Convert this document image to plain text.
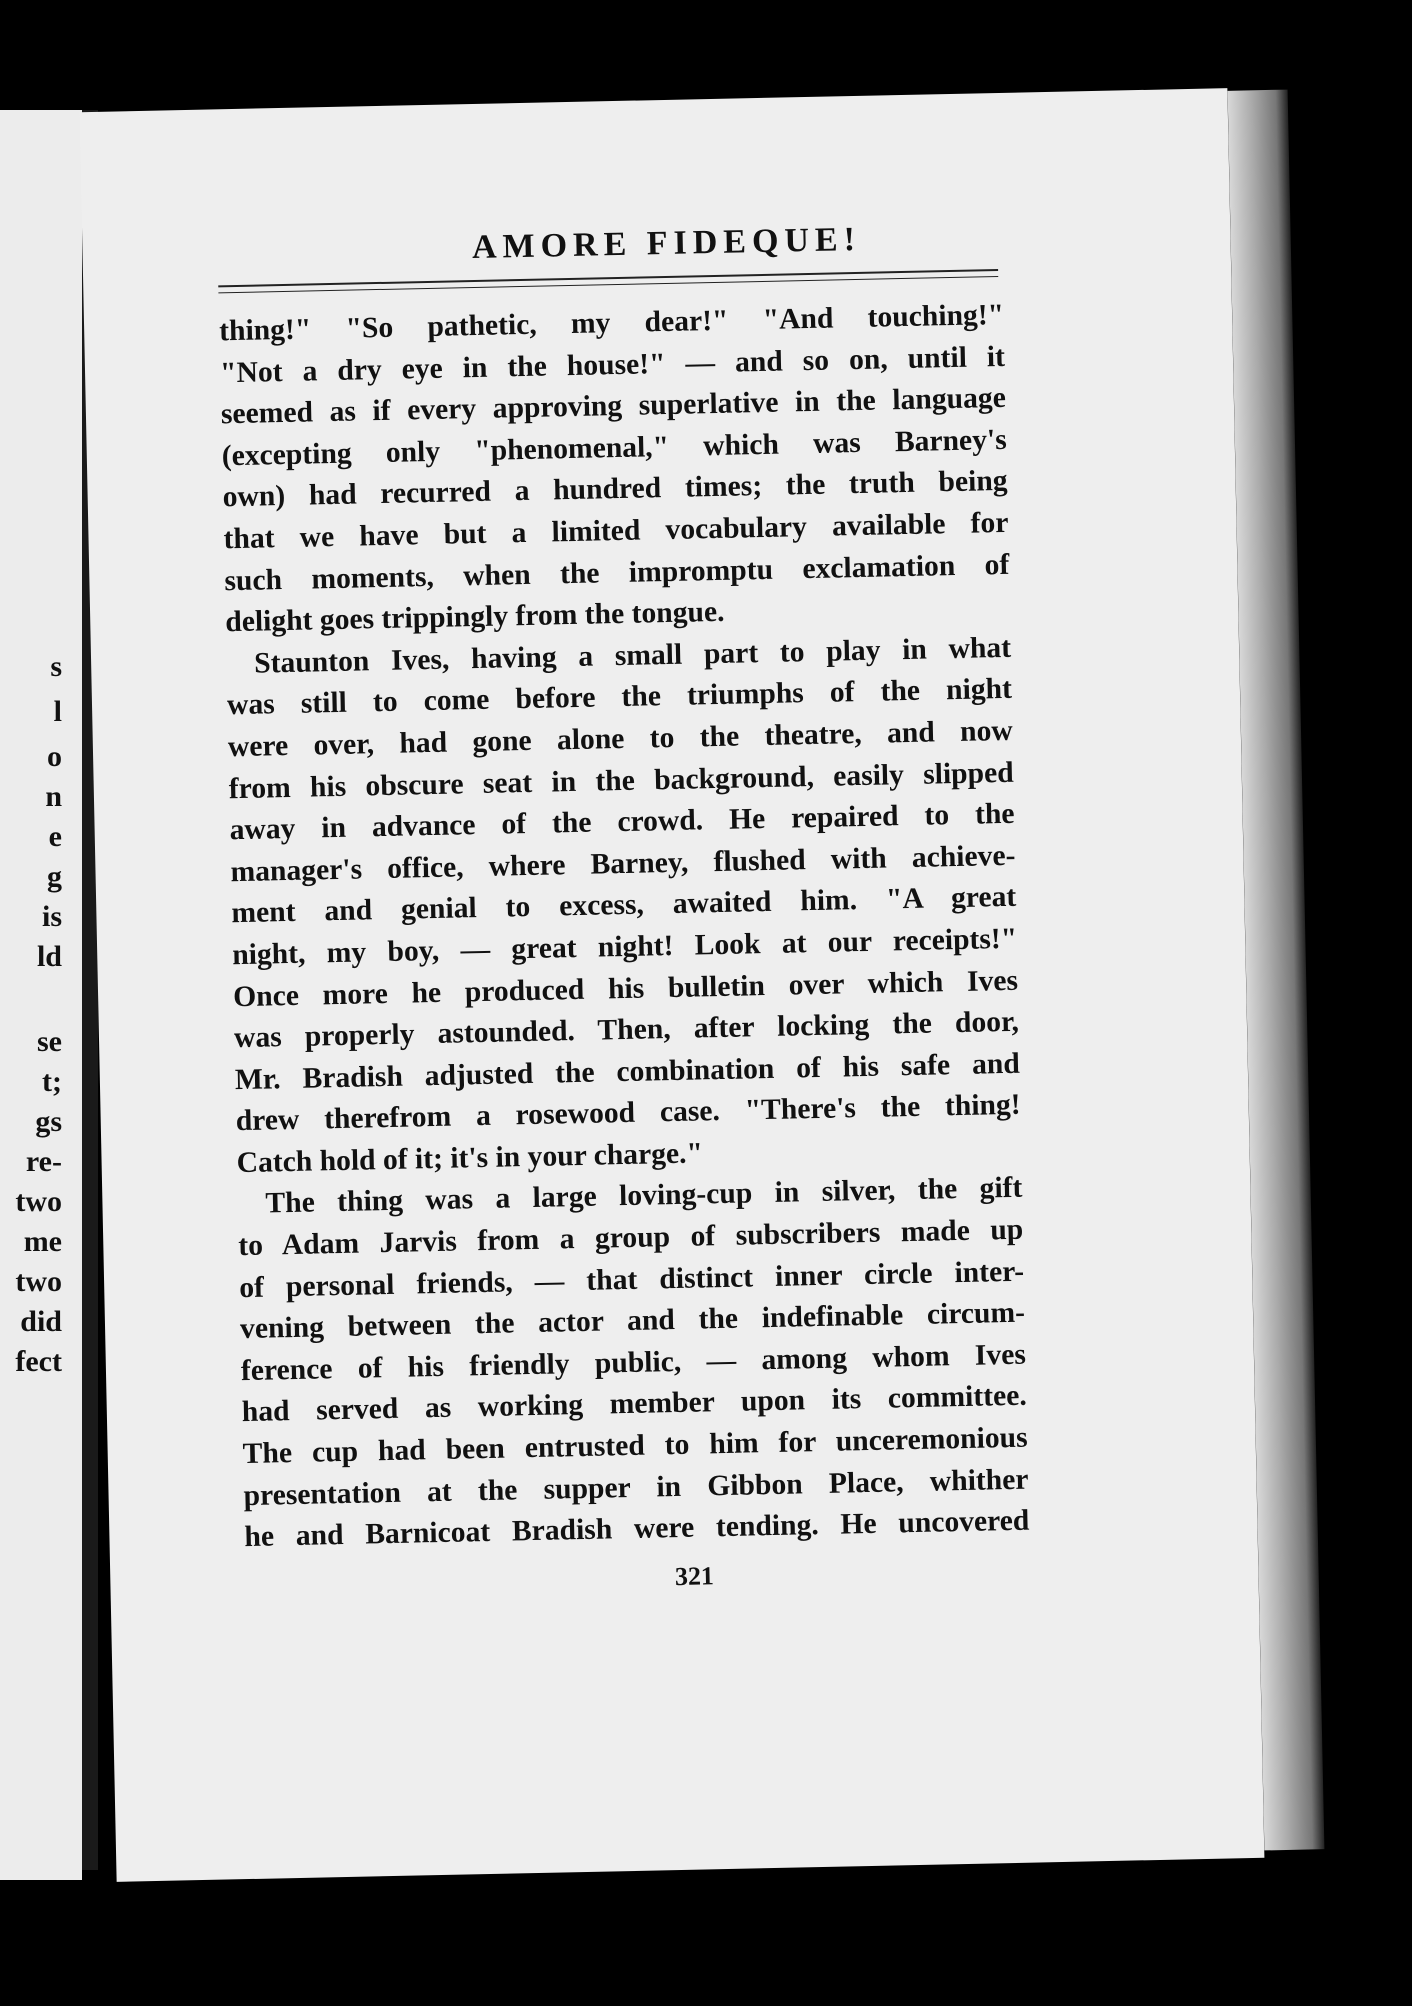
s
l
o
n
e
g
is
ld
se
t;
gs
re-
two
me
two
did
fect
AMORE FIDEQUE!
thing!" "So pathetic, my dear!" "And touching!"
"Not a dry eye in the house!" — and so on, until it
seemed as if every approving superlative in the language
(excepting only "phenomenal," which was Barney's
own) had recurred a hundred times; the truth being
that we have but a limited vocabulary available for
such moments, when the impromptu exclamation of
delight goes trippingly from the tongue.
Staunton Ives, having a small part to play in what
was still to come before the triumphs of the night
were over, had gone alone to the theatre, and now
from his obscure seat in the background, easily slipped
away in advance of the crowd. He repaired to the
manager's office, where Barney, flushed with achieve-
ment and genial to excess, awaited him. "A great
night, my boy, — great night! Look at our receipts!"
Once more he produced his bulletin over which Ives
was properly astounded. Then, after locking the door,
Mr. Bradish adjusted the combination of his safe and
drew therefrom a rosewood case. "There's the thing!
Catch hold of it; it's in your charge."
The thing was a large loving-cup in silver, the gift
to Adam Jarvis from a group of subscribers made up
of personal friends, — that distinct inner circle inter-
vening between the actor and the indefinable circum-
ference of his friendly public, — among whom Ives
had served as working member upon its committee.
The cup had been entrusted to him for unceremonious
presentation at the supper in Gibbon Place, whither
he and Barnicoat Bradish were tending. He uncovered
321
